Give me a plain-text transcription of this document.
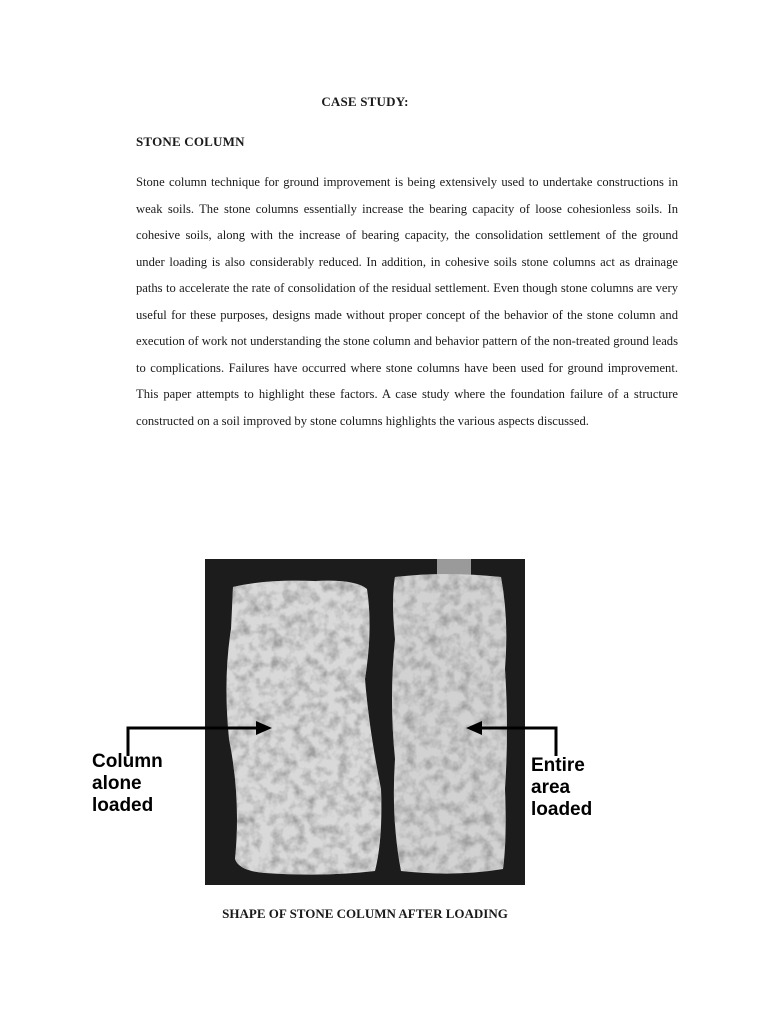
CASE STUDY:
STONE COLUMN

Stone column technique for ground improvement is being extensively used to undertake constructions in weak soils. The stone columns essentially increase the bearing capacity of loose cohesionless soils. In cohesive soils, along with the increase of bearing capacity, the consolidation settlement of the ground under loading is also considerably reduced. In addition, in cohesive soils stone columns act as drainage paths to accelerate the rate of consolidation of the residual settlement. Even though stone columns are very useful for these purposes, designs made without proper concept of the behavior of the stone column and execution of work not understanding the stone column and behavior pattern of the non-treated ground leads to complications. Failures have occurred where stone columns have been used for ground improvement. This paper attempts to highlight these factors. A case study where the foundation failure of a structure constructed on a soil improved by stone columns highlights the various aspects discussed.

Column
alone
loaded
Entire
area
loaded
SHAPE OF STONE COLUMN AFTER LOADING
